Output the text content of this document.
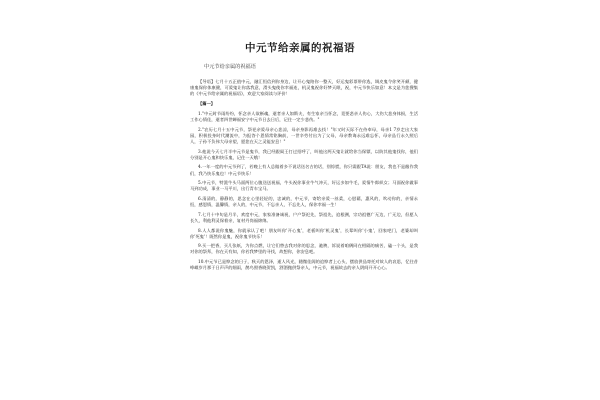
中元节给亲属的祝福语
中元节给亲属的祝福语

【导语】七月十五正值中元，融汇恒信到你身边，让开心鬼陪你一整天，好运鬼彩票带你选，调皮鬼令你笑开颜，健康鬼保你体康健，可爱鬼让你落我意，滑头鬼使你幸福连，机灵鬼祝你好梦天眠，祝，中元节快乐如意！本文是为您搜集的《中元节给亲属的祝福语》，欢迎大家阅读与评价！

【篇一】

1."中元时节雨纷纷，怀念亲人欲断魂，逝者亲人如斯夫，有生家亲当怀念，竟要悲亲人伤心，大伤大悲身体损，生活工作心情佳，逝者四世蝉福安宁中元节日去日后，记住一定少悲伤。"

2."农历七月十五中元节，祭祀亲爱母亲心悲凉，母亲身影再难去找！"年又时天际不在侍奉母，母亲1 7岁走出大家园，积极投身时代潮流中，为报答个恩情常铭胸前，一世辛劳付出为了父母，母亲教诲永远难忘怀，母亲品行永久照后人，子孙不负伟大母亲望，愿您在天之灵能安息！"

3.他说今天七月半中元节是鬼节，我已经跟阎王打过招呼了，叫他这两天鬼让就给你当保镖，以防其他鬼找你，他们分别是开心鬼和快乐鬼，记住一天哦！

4.一年一度的中元节到了，若晚上有人总做着多不说话送名吉的话，别惊慌，你只需跟TA说：朋友，我也不是敝作我们，我乃快乐鬼也！中元节快乐！

5.中元节，特派牛头马面两位心腹送送祝福，牛头祝你事业牛气冲天，好运多如牛毛，爱情牛郎织女；马面祝你做事马到功成，事业一马平川，出行青车宝马。

6.清清的，静静的，思念在心里轻轻的，忠诚的，中元节，寄给亲爱一丝柔，心慰藉，惠风的，吹动你的，亲情永恒，感恩情，温馨情，亲人的，中元节，不忘亲人，不忘先人，保你幸福一生！

7.七月十中旬是月半，欢度中元，家家准备诚祝，户户祭祀先，祭祖先，追根溯，宗功祖德广无边，广无边，但愿人长久，利他利灵保着亲，复材丹岗福绵绵。

8.人人都说你鬼魅，你就承认了吧！朋友叫你'开心鬼'，老板叫你'机灵鬼'，长辈叫你'小鬼'，回家吧门，老婆却叫你'死鬼'！既然你是鬼，祝你鬼节快乐！

9.买一把香，买几张纸，为你点燃，让它们替去我对你的思念，驰骋，诉说着咱俩同在相隔的痛苦，磕一个头，是我对你的祭拜，你在天有知，你若我梦里的寻找，故想你，你安息吧。

10.中元节已是悼念的日子，秋天的恩泽，逝人风光，随微佳阁的追悼者上心头，摆放供品寄托对故人的哀思，忆往昔峥嵘岁月那于日声声的细雨，鹊鸟照香晓贺凯，酒酒抛供祭亲人，中元节，祝福故去的亲人阴间开开心心。
